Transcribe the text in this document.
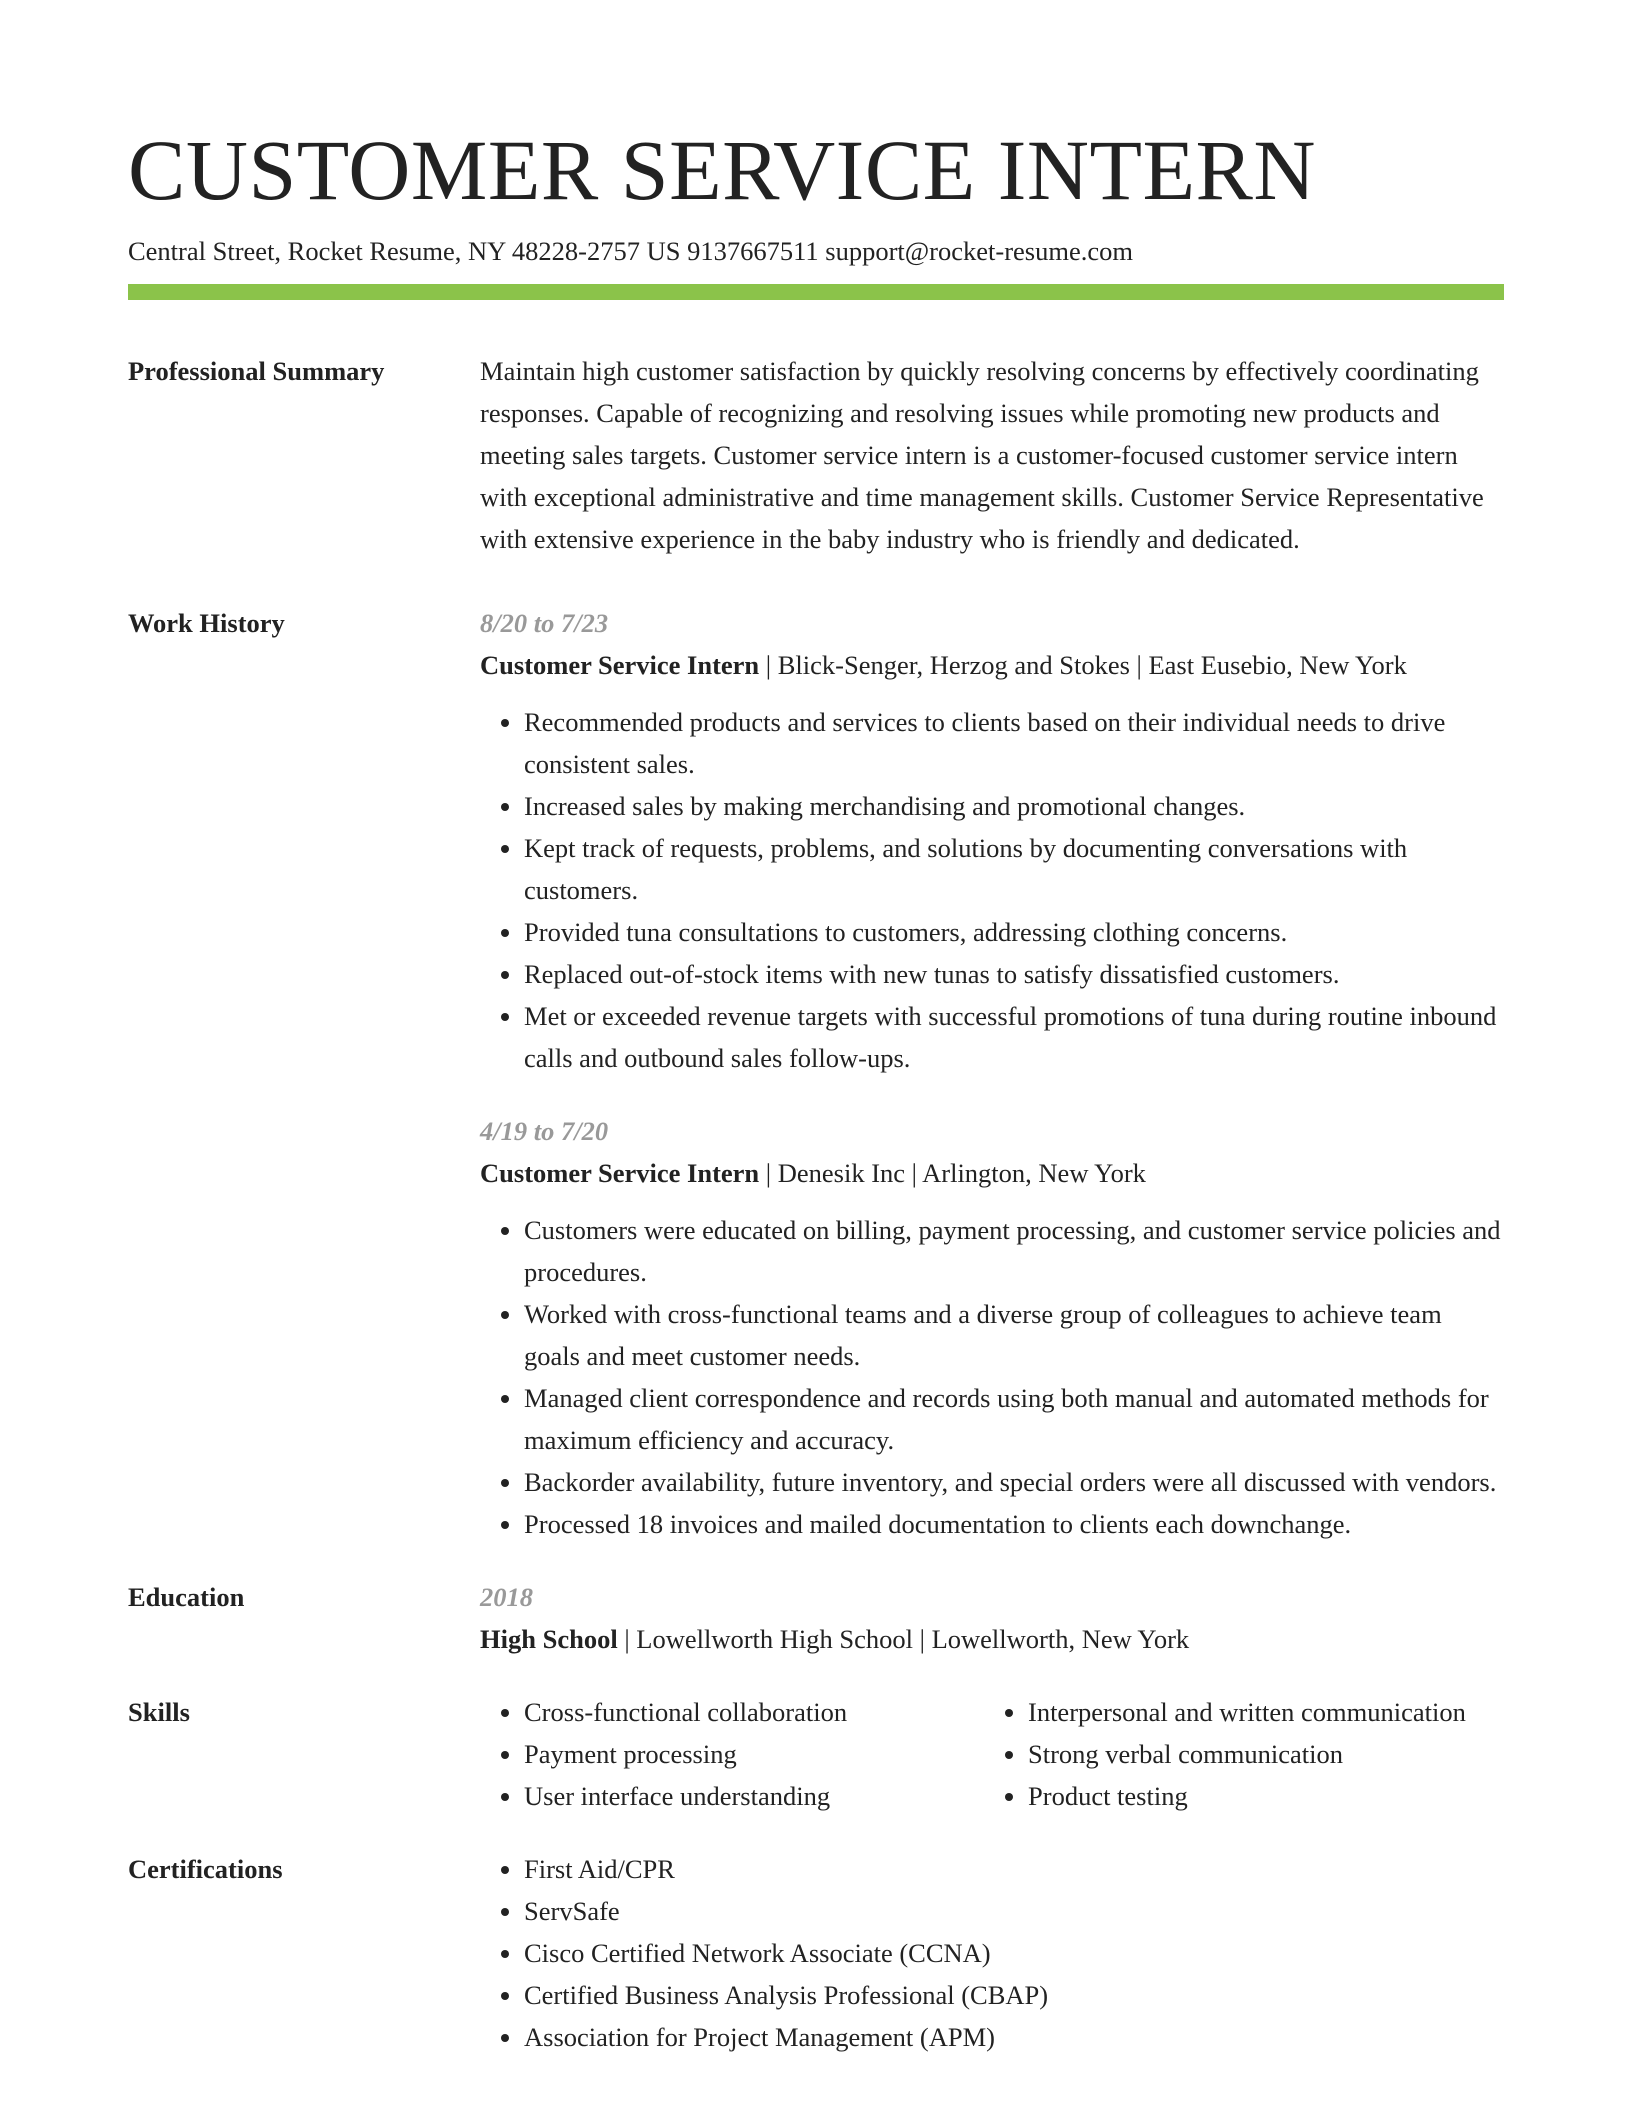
CUSTOMER SERVICE INTERN
Central Street, Rocket Resume, NY 48228-2757 US 9137667511 support@rocket-resume.com
Professional Summary	Maintain high customer satisfaction by quickly resolving concerns by effectively coordinating responses. Capable of recognizing and resolving issues while promoting new products and meeting sales targets. Customer service intern is a customer-focused customer service intern with exceptional administrative and time management skills. Customer Service Representative with extensive experience in the baby industry who is friendly and dedicated.

Work History	8/20 to 7/23
Customer Service Intern | Blick-Senger, Herzog and Stokes | East Eusebio, New York
• Recommended products and services to clients based on their individual needs to drive consistent sales.
• Increased sales by making merchandising and promotional changes.
• Kept track of requests, problems, and solutions by documenting conversations with customers.
• Provided tuna consultations to customers, addressing clothing concerns.
• Replaced out-of-stock items with new tunas to satisfy dissatisfied customers.
• Met or exceeded revenue targets with successful promotions of tuna during routine inbound calls and outbound sales follow-ups.
4/19 to 7/20
Customer Service Intern | Denesik Inc | Arlington, New York
• Customers were educated on billing, payment processing, and customer service policies and procedures.
• Worked with cross-functional teams and a diverse group of colleagues to achieve team goals and meet customer needs.
• Managed client correspondence and records using both manual and automated methods for maximum efficiency and accuracy.
• Backorder availability, future inventory, and special orders were all discussed with vendors.
• Processed 18 invoices and mailed documentation to clients each downchange.
Education	2018
High School | Lowellworth High School | Lowellworth, New York
Skills	• Cross-functional collaboration
• Payment processing
• User interface understanding
• Interpersonal and written communication
• Strong verbal communication
• Product testing
Certifications	• First Aid/CPR
• ServSafe
• Cisco Certified Network Associate (CCNA)
• Certified Business Analysis Professional (CBAP)
• Association for Project Management (APM)
